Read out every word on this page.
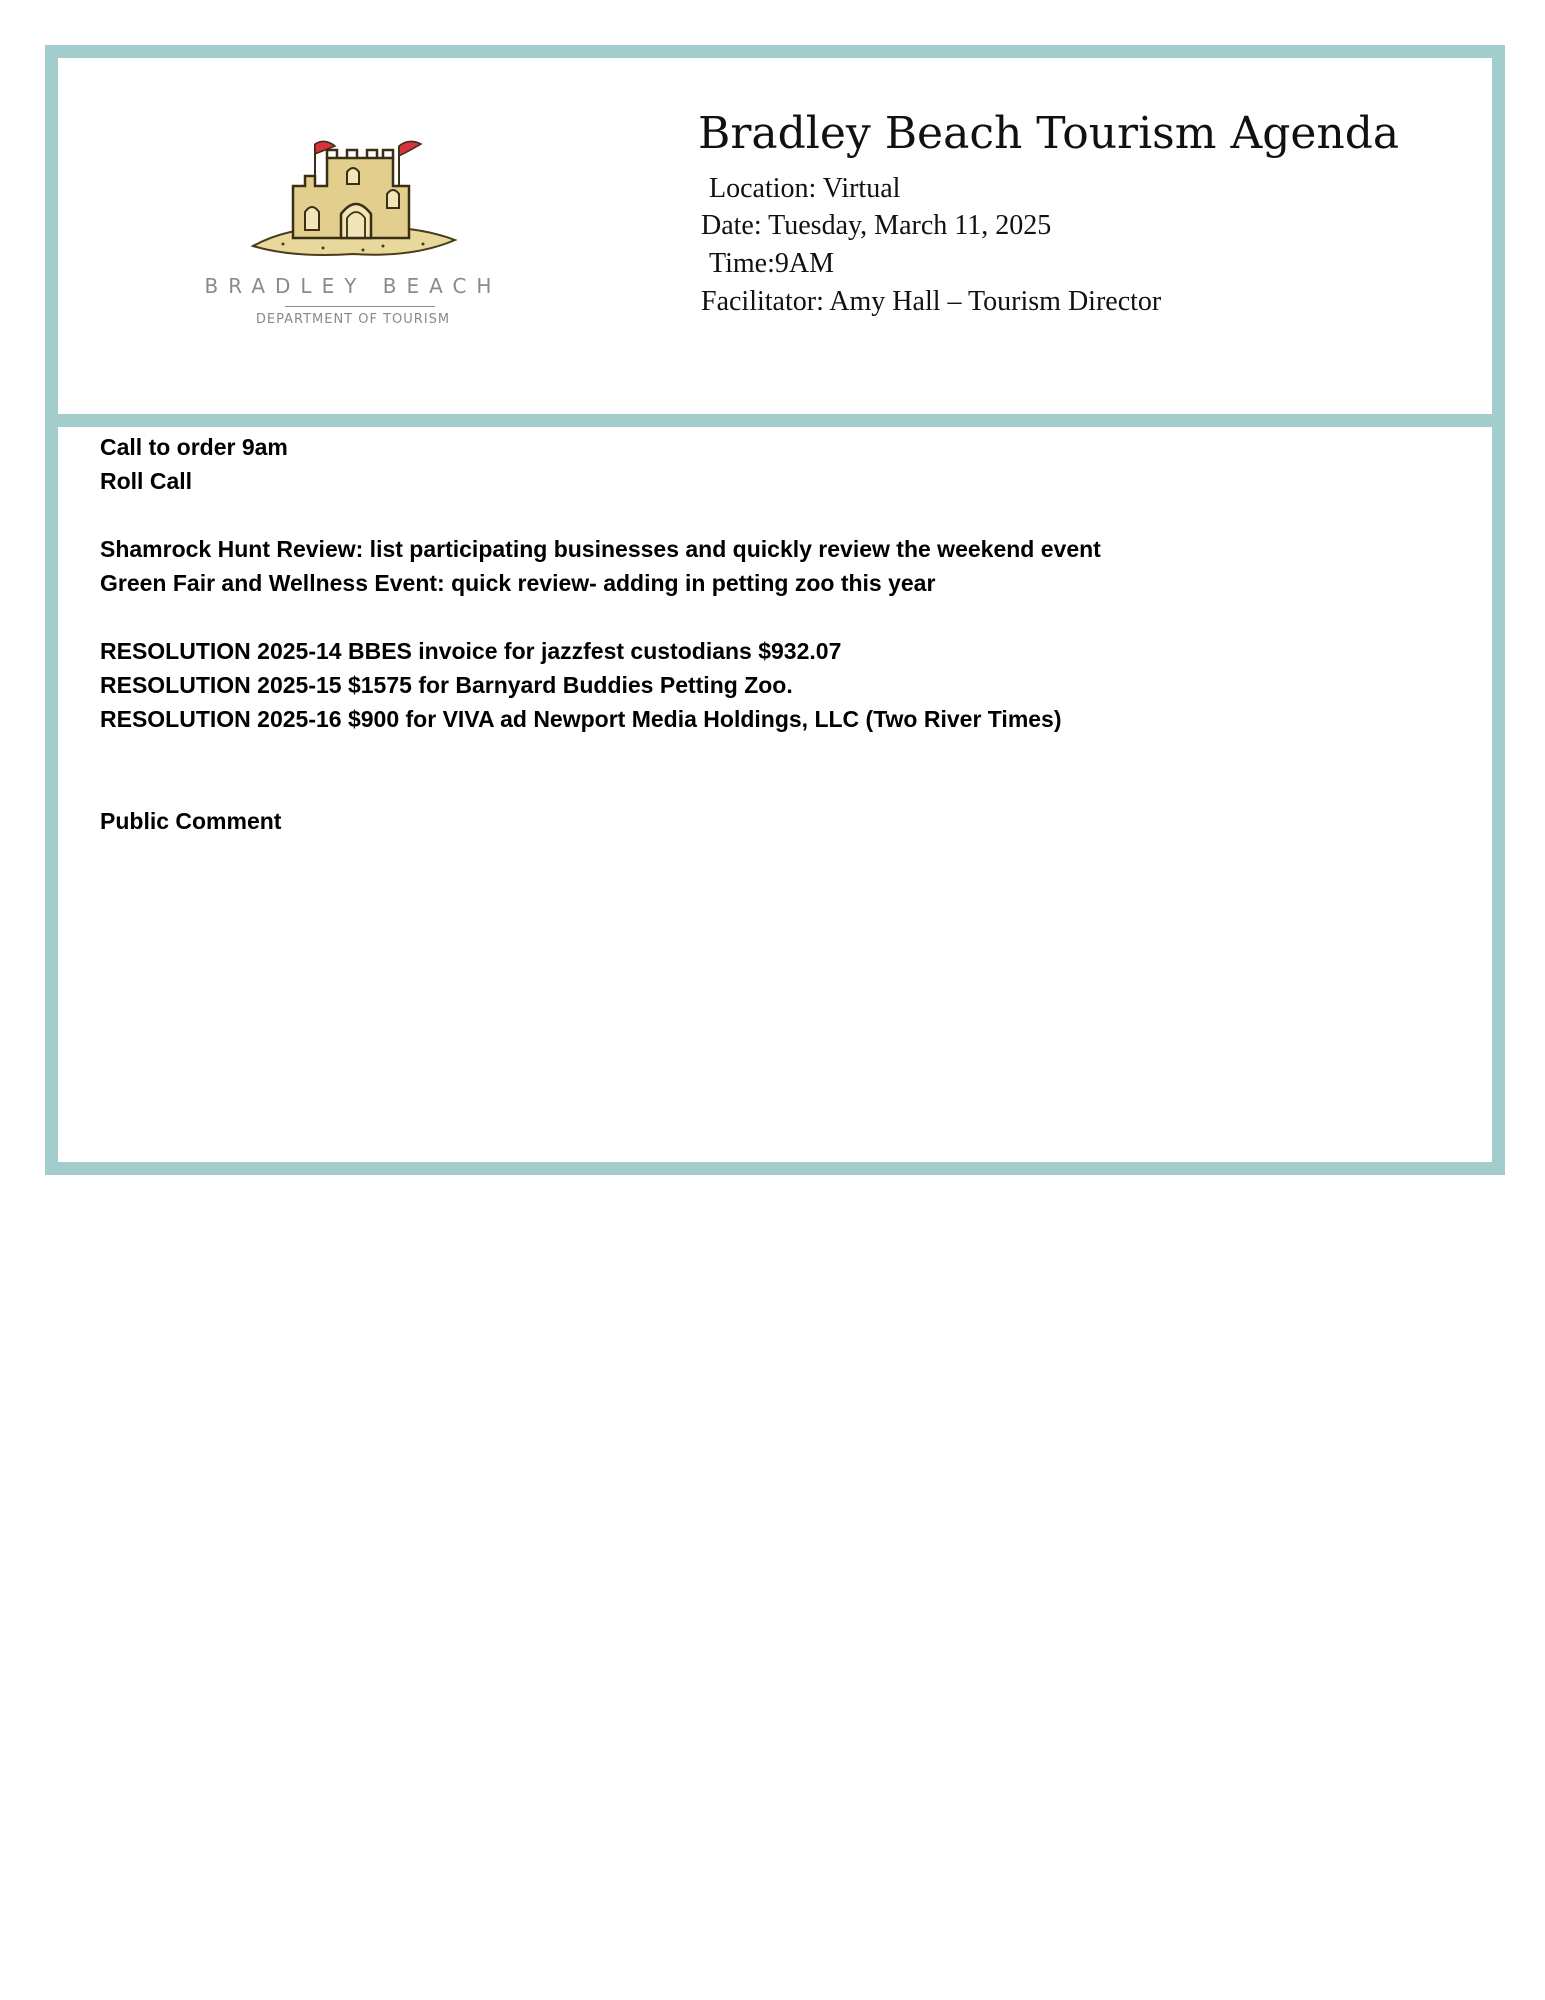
BRADLEY BEACH
DEPARTMENT OF TOURISM
Bradley Beach Tourism Agenda
Location: Virtual
Date: Tuesday, March 11, 2025
Time:9AM
Facilitator: Amy Hall – Tourism Director
Call to order 9am
Roll Call
Shamrock Hunt Review: list participating businesses and quickly review the weekend event
Green Fair and Wellness Event: quick review- adding in petting zoo this year
RESOLUTION 2025-14 BBES invoice for jazzfest custodians $932.07
RESOLUTION 2025-15 $1575 for Barnyard Buddies Petting Zoo.
RESOLUTION 2025-16 $900 for VIVA ad Newport Media Holdings, LLC (Two River Times)
Public Comment
